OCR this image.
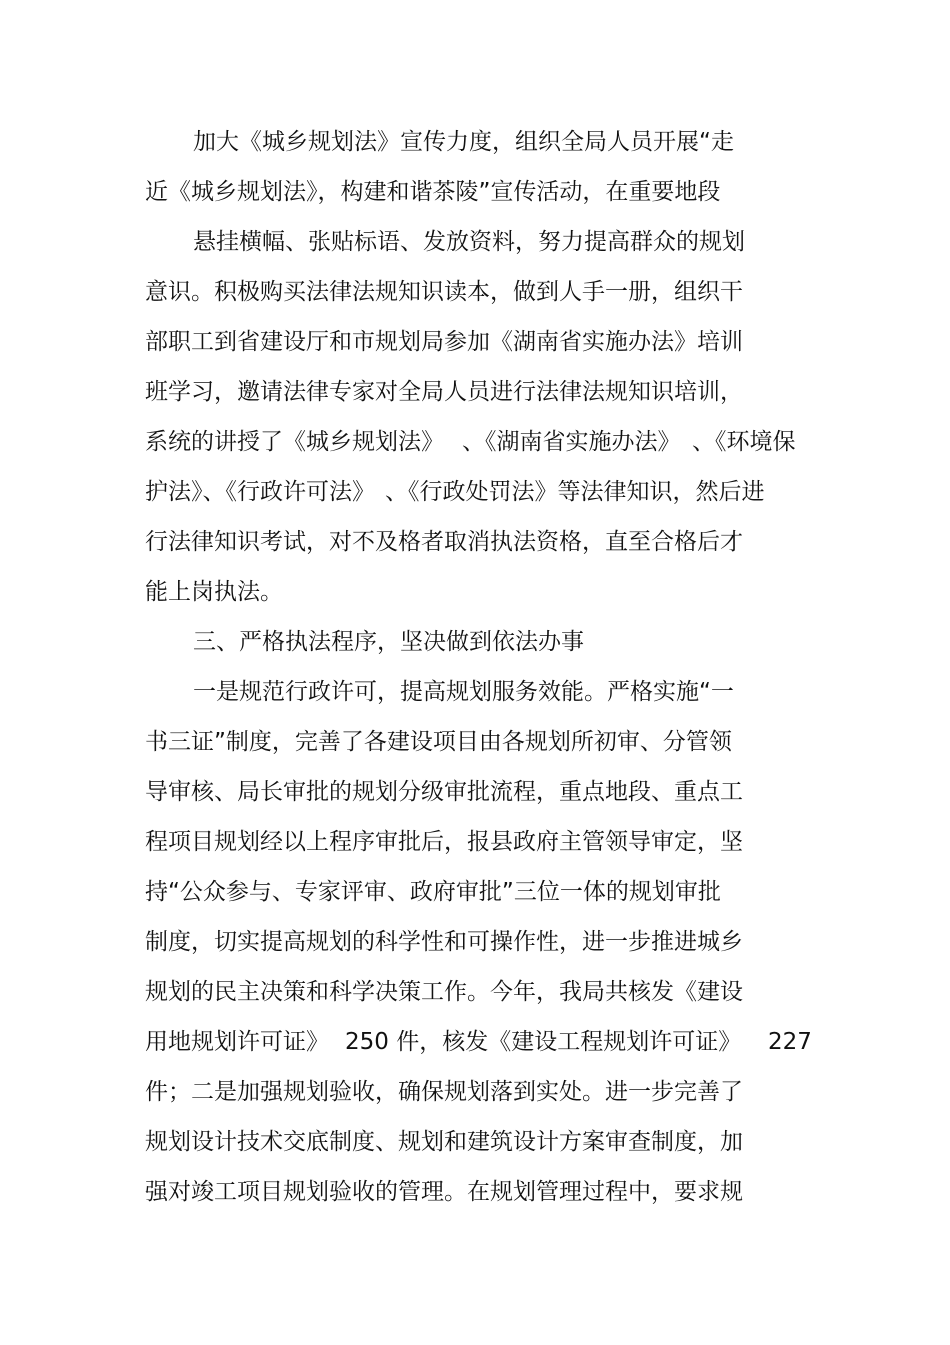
加大《城乡规划法》宣传力度，组织全局人员开展“走
近《城乡规划法》，构建和谐茶陵”宣传活动，在重要地段
悬挂横幅、张贴标语、发放资料，努力提高群众的规划
意识。积极购买法律法规知识读本，做到人手一册，组织干
部职工到省建设厅和市规划局参加《湖南省实施办法》培训
班学习，邀请法律专家对全局人员进行法律法规知识培训，
系统的讲授了《城乡规划法》 、《湖南省实施办法》 、《环境保
护法》、《行政许可法》 、《行政处罚法》等法律知识，然后进
行法律知识考试，对不及格者取消执法资格，直至合格后才
能上岗执法。
三、严格执法程序，坚决做到依法办事
一是规范行政许可，提高规划服务效能。严格实施“一
书三证”制度，完善了各建设项目由各规划所初审、分管领
导审核、局长审批的规划分级审批流程，重点地段、重点工
程项目规划经以上程序审批后，报县政府主管领导审定，坚
持“公众参与、专家评审、政府审批”三位一体的规划审批
制度，切实提高规划的科学性和可操作性，进一步推进城乡
规划的民主决策和科学决策工作。今年，我局共核发《建设
用地规划许可证》 250 件，核发《建设工程规划许可证》 227
件；二是加强规划验收，确保规划落到实处。进一步完善了
规划设计技术交底制度、规划和建筑设计方案审查制度，加
强对竣工项目规划验收的管理。在规划管理过程中，要求规
